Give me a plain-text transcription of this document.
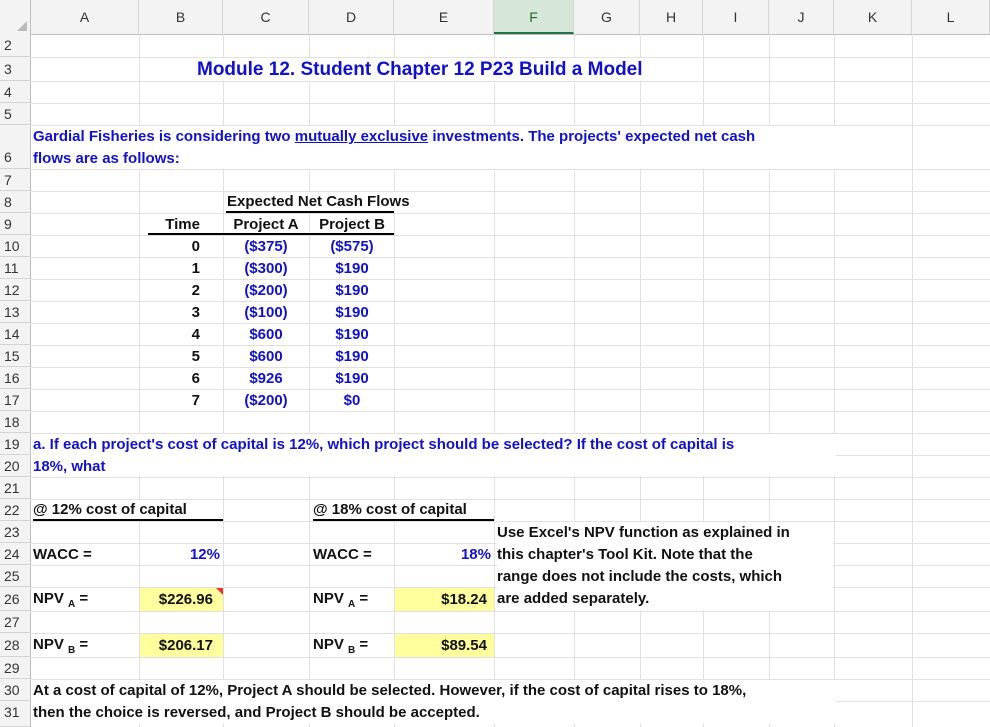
A	B	C	D	E	F	G	H	I	J	K	L
2
3
4
5
6
7
8
9
10
11
12
13
14
15
16
17
18
19
20
21
22
23
24
25
26
27
28
29
30
31
Module 12. Student Chapter 12 P23 Build a Model
Gardial Fisheries is considering two mutually exclusive investments. The projects' expected net cash
flows are as follows:
Expected Net Cash Flows
Time	Project A	Project B
0	($375)	($575)
1	($300)	$190
2	($200)	$190
3	($100)	$190
4	$600	$190
5	$600	$190
6	$926	$190
7	($200)	$0
a. If each project's cost of capital is 12%, which project should be selected? If the cost of capital is
18%, what
@ 12% cost of capital
WACC =	12%
NPV $_A$ =	$226.96
NPV $_B$ =	$206.17
@ 18% cost of capital
WACC =	18%
NPV $_A$ =	$18.24
NPV $_B$ =	$89.54
Use Excel's NPV function as explained in
this chapter's Tool Kit. Note that the
range does not include the costs, which
are added separately.
At a cost of capital of 12%, Project A should be selected. However, if the cost of capital rises to 18%,
then the choice is reversed, and Project B should be accepted.
